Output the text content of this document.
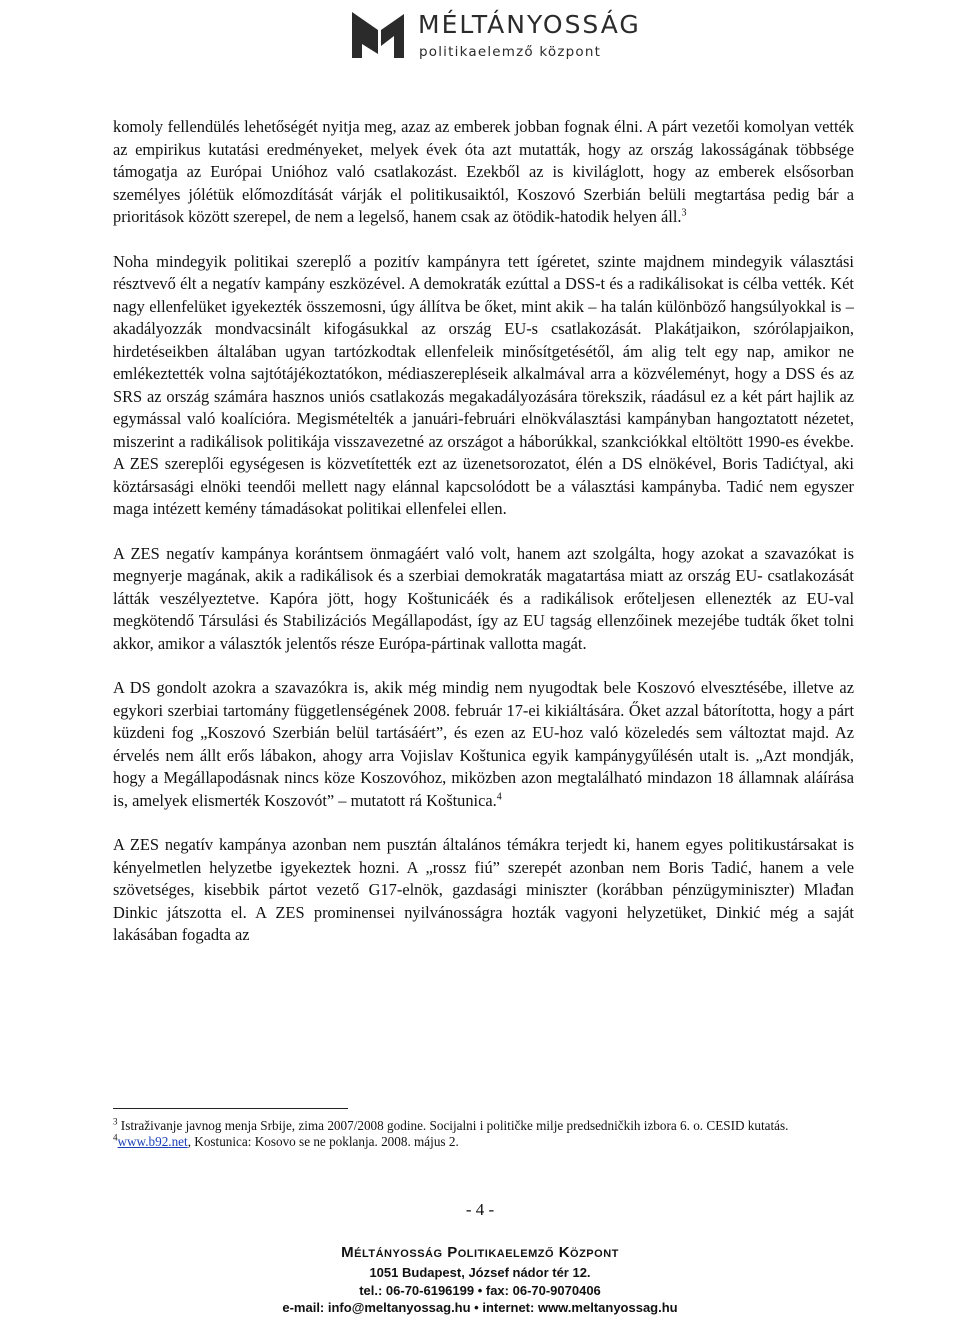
MÉLTÁNYOSSÁG
politikaelemző központ

komoly fellendülés lehetőségét nyitja meg, azaz az emberek jobban fognak élni. A párt vezetői komolyan vették az empirikus kutatási eredményeket, melyek évek óta azt mutatták, hogy az ország lakosságának többsége támogatja az Európai Unióhoz való csatlakozást. Ezekből az is kiviláglott, hogy az emberek elsősorban személyes jólétük előmozdítását várják el politikusaiktól, Koszovó Szerbián belüli megtartása pedig bár a prioritások között szerepel, de nem a legelső, hanem csak az ötödik-hatodik helyen áll.$^3$

Noha mindegyik politikai szereplő a pozitív kampányra tett ígéretet, szinte majdnem mindegyik választási résztvevő élt a negatív kampány eszközével. A demokraták ezúttal a DSS-t és a radikálisokat is célba vették. Két nagy ellenfelüket igyekezték összemosni, úgy állítva be őket, mint akik – ha talán különböző hangsúlyokkal is – akadályozzák mondvacsinált kifogásukkal az ország EU-s csatlakozását. Plakátjaikon, szórólapjaikon, hirdetéseikben általában ugyan tartózkodtak ellenfeleik minősítgetésétől, ám alig telt egy nap, amikor ne emlékeztették volna sajtótájékoztatókon, médiaszerepléseik alkalmával arra a közvéleményt, hogy a DSS és az SRS az ország számára hasznos uniós csatlakozás megakadályozására törekszik, ráadásul ez a két párt hajlik az egymással való koalícióra. Megismételték a januári-februári elnökválasztási kampányban hangoztatott nézetet, miszerint a radikálisok politikája visszavezetné az országot a háborúkkal, szankciókkal eltöltött 1990-es évekbe. A ZES szereplői egységesen is közvetítették ezt az üzenetsorozatot, élén a DS elnökével, Boris Tadićtyal, aki köztársasági elnöki teendői mellett nagy elánnal kapcsolódott be a választási kampányba. Tadić nem egyszer maga intézett kemény támadásokat politikai ellenfelei ellen.

A ZES negatív kampánya korántsem önmagáért való volt, hanem azt szolgálta, hogy azokat a szavazókat is megnyerje magának, akik a radikálisok és a szerbiai demokraták magatartása miatt az ország EU- csatlakozását látták veszélyeztetve. Kapóra jött, hogy Koštunicáék és a radikálisok erőteljesen ellenezték az EU-val megkötendő Társulási és Stabilizációs Megállapodást, így az EU tagság ellenzőinek mezejébe tudták őket tolni akkor, amikor a választók jelentős része Európa-pártinak vallotta magát.

A DS gondolt azokra a szavazókra is, akik még mindig nem nyugodtak bele Koszovó elvesztésébe, illetve az egykori szerbiai tartomány függetlenségének 2008. február 17-ei kikiáltására. Őket azzal bátorította, hogy a párt küzdeni fog „Koszovó Szerbián belül tartásáért”, és ezen az EU-hoz való közeledés sem változtat majd. Az érvelés nem állt erős lábakon, ahogy arra Vojislav Koštunica egyik kampánygyűlésén utalt is. „Azt mondják, hogy a Megállapodásnak nincs köze Koszovóhoz, miközben azon megtalálható mindazon 18 államnak aláírása is, amelyek elismerték Koszovót” – mutatott rá Koštunica.$^4$

A ZES negatív kampánya azonban nem pusztán általános témákra terjedt ki, hanem egyes politikustársakat is kényelmetlen helyzetbe igyekeztek hozni. A „rossz fiú” szerepét azonban nem Boris Tadić, hanem a vele szövetséges, kisebbik pártot vezető G17-elnök, gazdasági miniszter (korábban pénzügyminiszter) Mlađan Dinkic játszotta el. A ZES prominensei nyilvánosságra hozták vagyoni helyzetüket, Dinkić még a saját lakásában fogadta az

$^3$ Istraživanje javnog menja Srbije, zima 2007/2008 godine. Socijalni i političke milje predsedničkih izbora 6. o. CESID kutatás.

$^4$www.b92.net, Kostunica: Kosovo se ne poklanja. 2008. május 2.

- 4 -
Méltányosság Politikaelemző Központ
1051 Budapest, József nádor tér 12.
tel.: 06-70-6196199 • fax: 06-70-9070406
e-mail: info@meltanyossag.hu • internet: www.meltanyossag.hu
